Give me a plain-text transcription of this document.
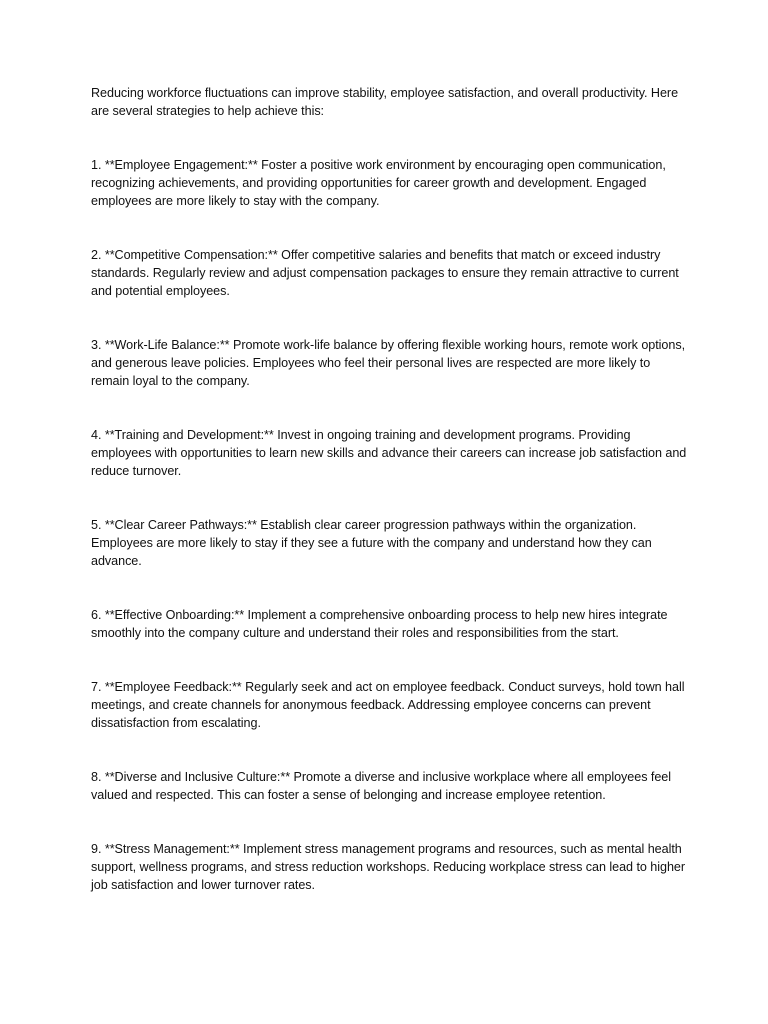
Reducing workforce fluctuations can improve stability, employee satisfaction, and overall productivity. Here are several strategies to help achieve this:

1. **Employee Engagement:** Foster a positive work environment by encouraging open communication, recognizing achievements, and providing opportunities for career growth and development. Engaged employees are more likely to stay with the company.

2. **Competitive Compensation:** Offer competitive salaries and benefits that match or exceed industry standards. Regularly review and adjust compensation packages to ensure they remain attractive to current and potential employees.

3. **Work-Life Balance:** Promote work-life balance by offering flexible working hours, remote work options, and generous leave policies. Employees who feel their personal lives are respected are more likely to remain loyal to the company.

4. **Training and Development:** Invest in ongoing training and development programs. Providing employees with opportunities to learn new skills and advance their careers can increase job satisfaction and reduce turnover.

5. **Clear Career Pathways:** Establish clear career progression pathways within the organization. Employees are more likely to stay if they see a future with the company and understand how they can advance.

6. **Effective Onboarding:** Implement a comprehensive onboarding process to help new hires integrate smoothly into the company culture and understand their roles and responsibilities from the start.

7. **Employee Feedback:** Regularly seek and act on employee feedback. Conduct surveys, hold town hall meetings, and create channels for anonymous feedback. Addressing employee concerns can prevent dissatisfaction from escalating.

8. **Diverse and Inclusive Culture:** Promote a diverse and inclusive workplace where all employees feel valued and respected. This can foster a sense of belonging and increase employee retention.

9. **Stress Management:** Implement stress management programs and resources, such as mental health support, wellness programs, and stress reduction workshops. Reducing workplace stress can lead to higher job satisfaction and lower turnover rates.
